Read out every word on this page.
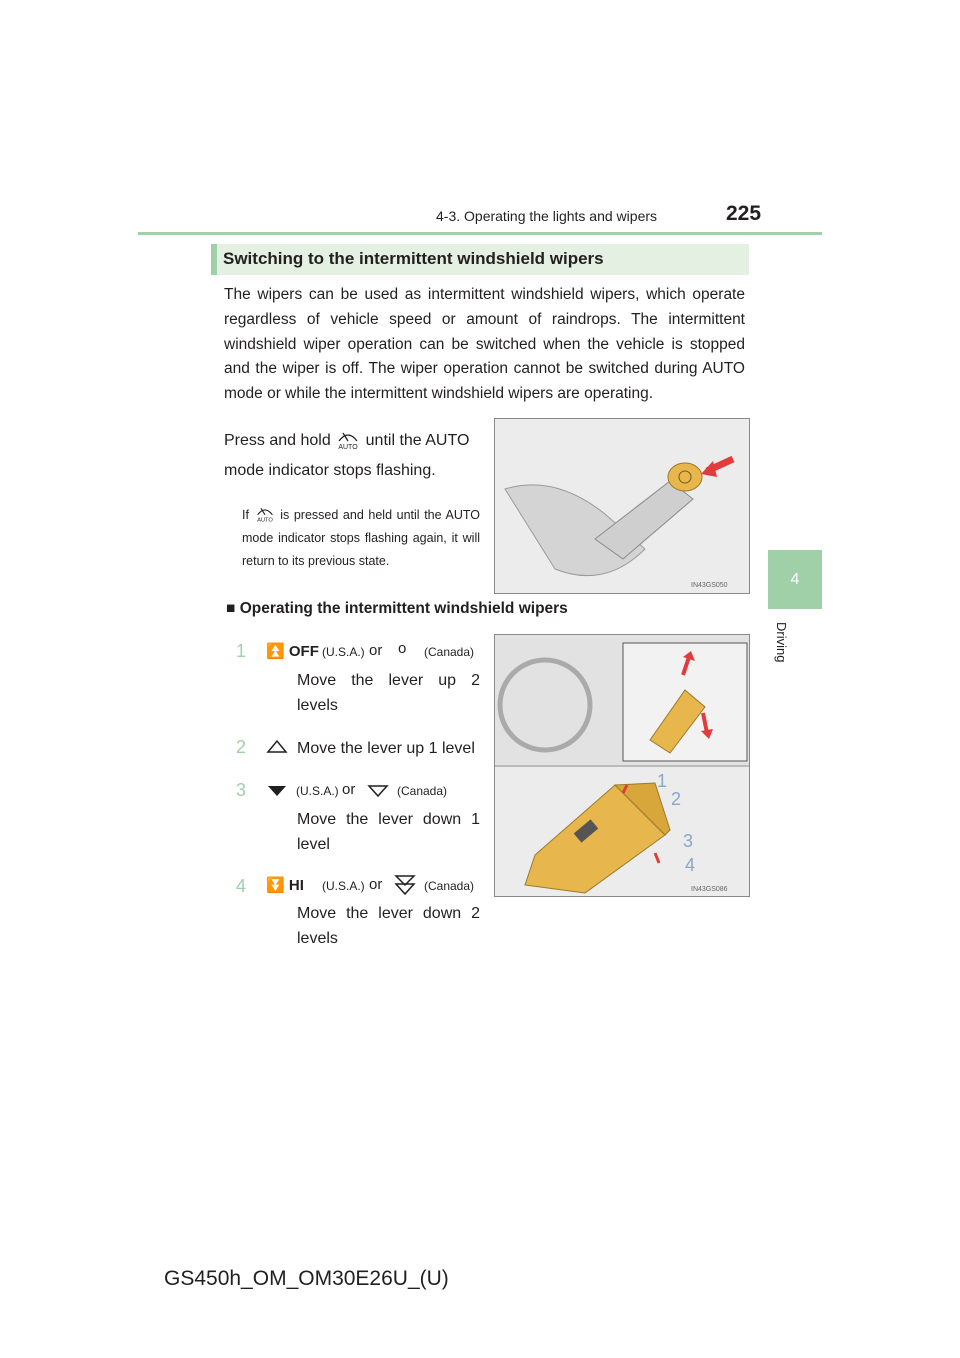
4-3. Operating the lights and wipers	225
4
Driving
Switching to the intermittent windshield wipers
The wipers can be used as intermittent windshield wipers, which operate regardless of vehicle speed or amount of raindrops. The intermittent windshield wiper operation can be switched when the vehicle is stopped and the wiper is off. The wiper operation cannot be switched during AUTO mode or while the intermittent windshield wipers are operating.
Press and hold AUTO until the AUTO mode indicator stops flashing.
If AUTO is pressed and held until the AUTO mode indicator stops flashing again, it will return to its previous state.
IN43GS050
■ Operating the intermittent windshield wipers
1
2
3
4
IN43GS086
1 ⏫ OFF (U.S.A.) or o (Canada)
Move the lever up 2 levels
2	Move the lever up 1 level
3	(U.S.A.) or	(Canada)
Move the lever down 1 level
4 ⏬ HI (U.S.A.) or	(Canada)
Move the lever down 2 levels
GS450h_OM_OM30E26U_(U)
